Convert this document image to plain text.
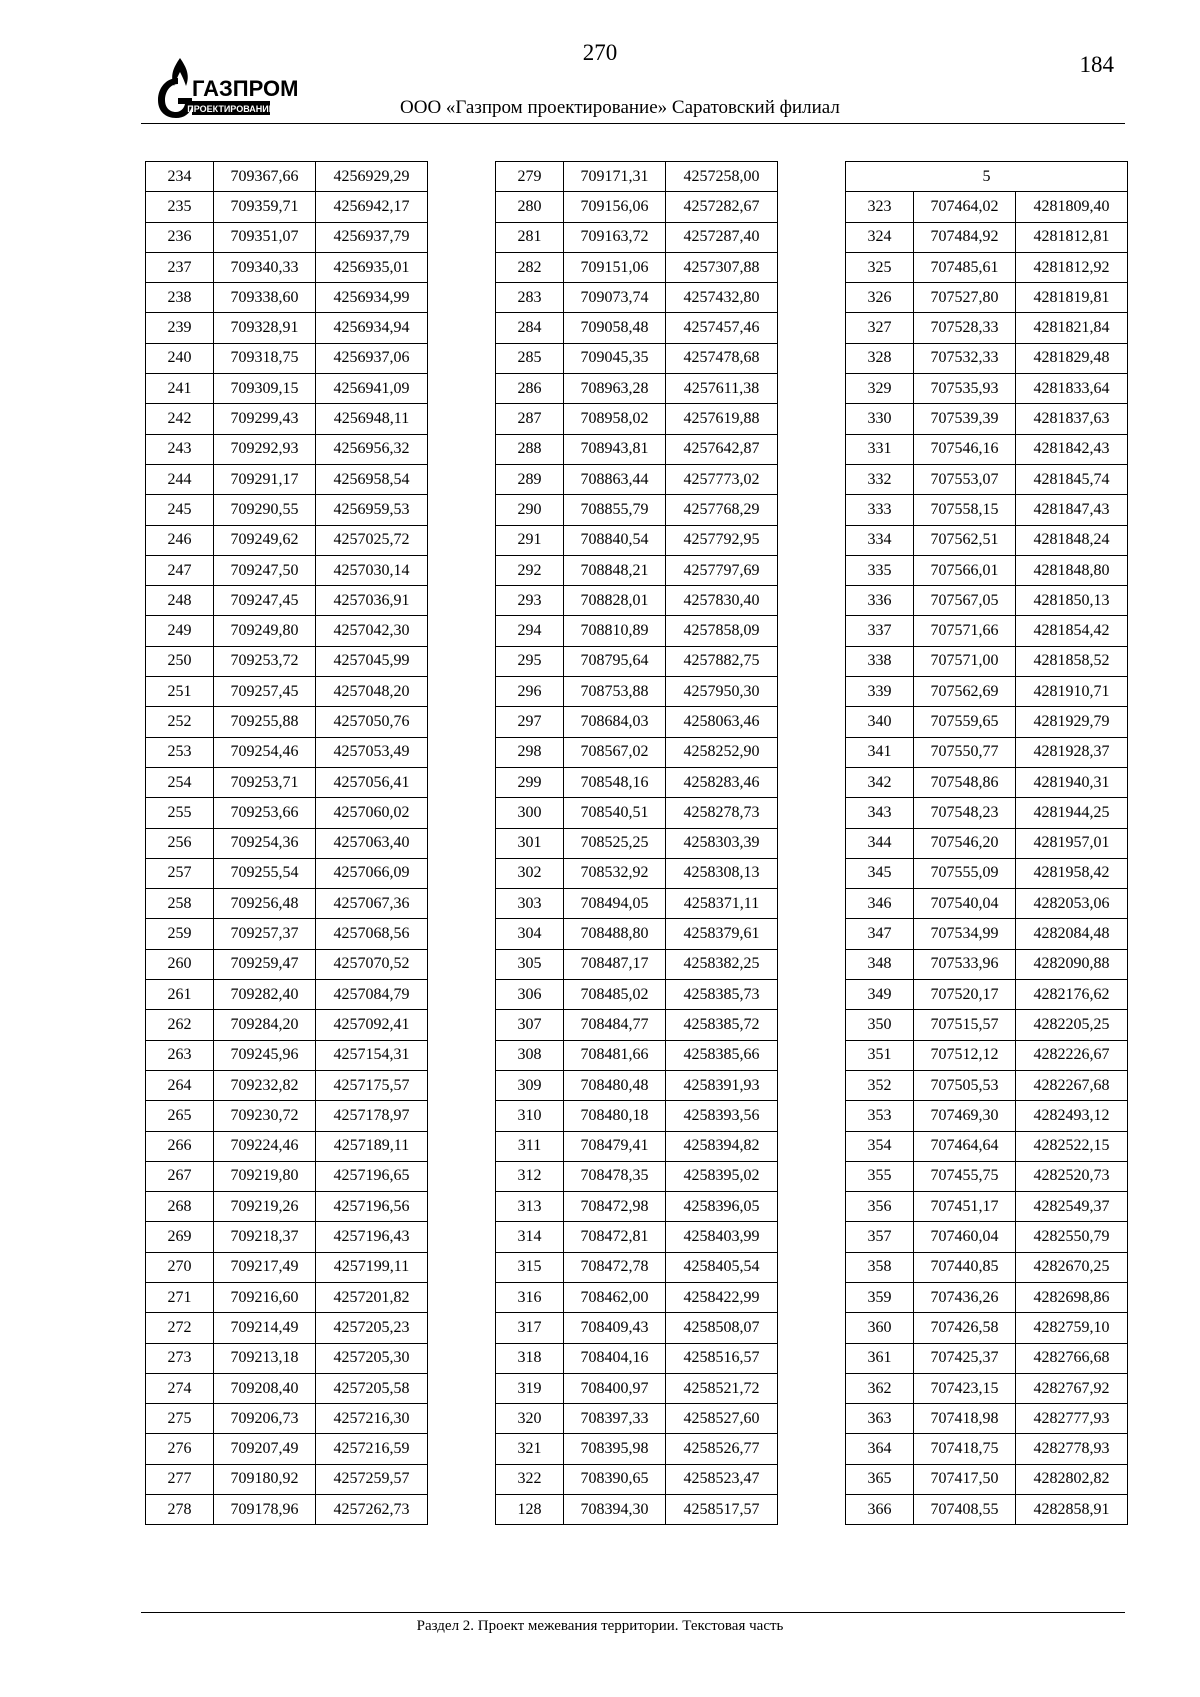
270	184
ГАЗПРОМ
ПРОЕКТИРОВАНИЕ	ООО «Газпром проектирование» Саратовский филиал
234	709367,66	4256929,29
235	709359,71	4256942,17
236	709351,07	4256937,79
237	709340,33	4256935,01
238	709338,60	4256934,99
239	709328,91	4256934,94
240	709318,75	4256937,06
241	709309,15	4256941,09
242	709299,43	4256948,11
243	709292,93	4256956,32
244	709291,17	4256958,54
245	709290,55	4256959,53
246	709249,62	4257025,72
247	709247,50	4257030,14
248	709247,45	4257036,91
249	709249,80	4257042,30
250	709253,72	4257045,99
251	709257,45	4257048,20
252	709255,88	4257050,76
253	709254,46	4257053,49
254	709253,71	4257056,41
255	709253,66	4257060,02
256	709254,36	4257063,40
257	709255,54	4257066,09
258	709256,48	4257067,36
259	709257,37	4257068,56
260	709259,47	4257070,52
261	709282,40	4257084,79
262	709284,20	4257092,41
263	709245,96	4257154,31
264	709232,82	4257175,57
265	709230,72	4257178,97
266	709224,46	4257189,11
267	709219,80	4257196,65
268	709219,26	4257196,56
269	709218,37	4257196,43
270	709217,49	4257199,11
271	709216,60	4257201,82
272	709214,49	4257205,23
273	709213,18	4257205,30
274	709208,40	4257205,58
275	709206,73	4257216,30
276	709207,49	4257216,59
277	709180,92	4257259,57
278	709178,96	4257262,73
279	709171,31	4257258,00
280	709156,06	4257282,67
281	709163,72	4257287,40
282	709151,06	4257307,88
283	709073,74	4257432,80
284	709058,48	4257457,46
285	709045,35	4257478,68
286	708963,28	4257611,38
287	708958,02	4257619,88
288	708943,81	4257642,87
289	708863,44	4257773,02
290	708855,79	4257768,29
291	708840,54	4257792,95
292	708848,21	4257797,69
293	708828,01	4257830,40
294	708810,89	4257858,09
295	708795,64	4257882,75
296	708753,88	4257950,30
297	708684,03	4258063,46
298	708567,02	4258252,90
299	708548,16	4258283,46
300	708540,51	4258278,73
301	708525,25	4258303,39
302	708532,92	4258308,13
303	708494,05	4258371,11
304	708488,80	4258379,61
305	708487,17	4258382,25
306	708485,02	4258385,73
307	708484,77	4258385,72
308	708481,66	4258385,66
309	708480,48	4258391,93
310	708480,18	4258393,56
311	708479,41	4258394,82
312	708478,35	4258395,02
313	708472,98	4258396,05
314	708472,81	4258403,99
315	708472,78	4258405,54
316	708462,00	4258422,99
317	708409,43	4258508,07
318	708404,16	4258516,57
319	708400,97	4258521,72
320	708397,33	4258527,60
321	708395,98	4258526,77
322	708390,65	4258523,47
128	708394,30	4258517,57
5		
323	707464,02	4281809,40
324	707484,92	4281812,81
325	707485,61	4281812,92
326	707527,80	4281819,81
327	707528,33	4281821,84
328	707532,33	4281829,48
329	707535,93	4281833,64
330	707539,39	4281837,63
331	707546,16	4281842,43
332	707553,07	4281845,74
333	707558,15	4281847,43
334	707562,51	4281848,24
335	707566,01	4281848,80
336	707567,05	4281850,13
337	707571,66	4281854,42
338	707571,00	4281858,52
339	707562,69	4281910,71
340	707559,65	4281929,79
341	707550,77	4281928,37
342	707548,86	4281940,31
343	707548,23	4281944,25
344	707546,20	4281957,01
345	707555,09	4281958,42
346	707540,04	4282053,06
347	707534,99	4282084,48
348	707533,96	4282090,88
349	707520,17	4282176,62
350	707515,57	4282205,25
351	707512,12	4282226,67
352	707505,53	4282267,68
353	707469,30	4282493,12
354	707464,64	4282522,15
355	707455,75	4282520,73
356	707451,17	4282549,37
357	707460,04	4282550,79
358	707440,85	4282670,25
359	707436,26	4282698,86
360	707426,58	4282759,10
361	707425,37	4282766,68
362	707423,15	4282767,92
363	707418,98	4282777,93
364	707418,75	4282778,93
365	707417,50	4282802,82
366	707408,55	4282858,91
Раздел 2. Проект межевания территории. Текстовая часть
